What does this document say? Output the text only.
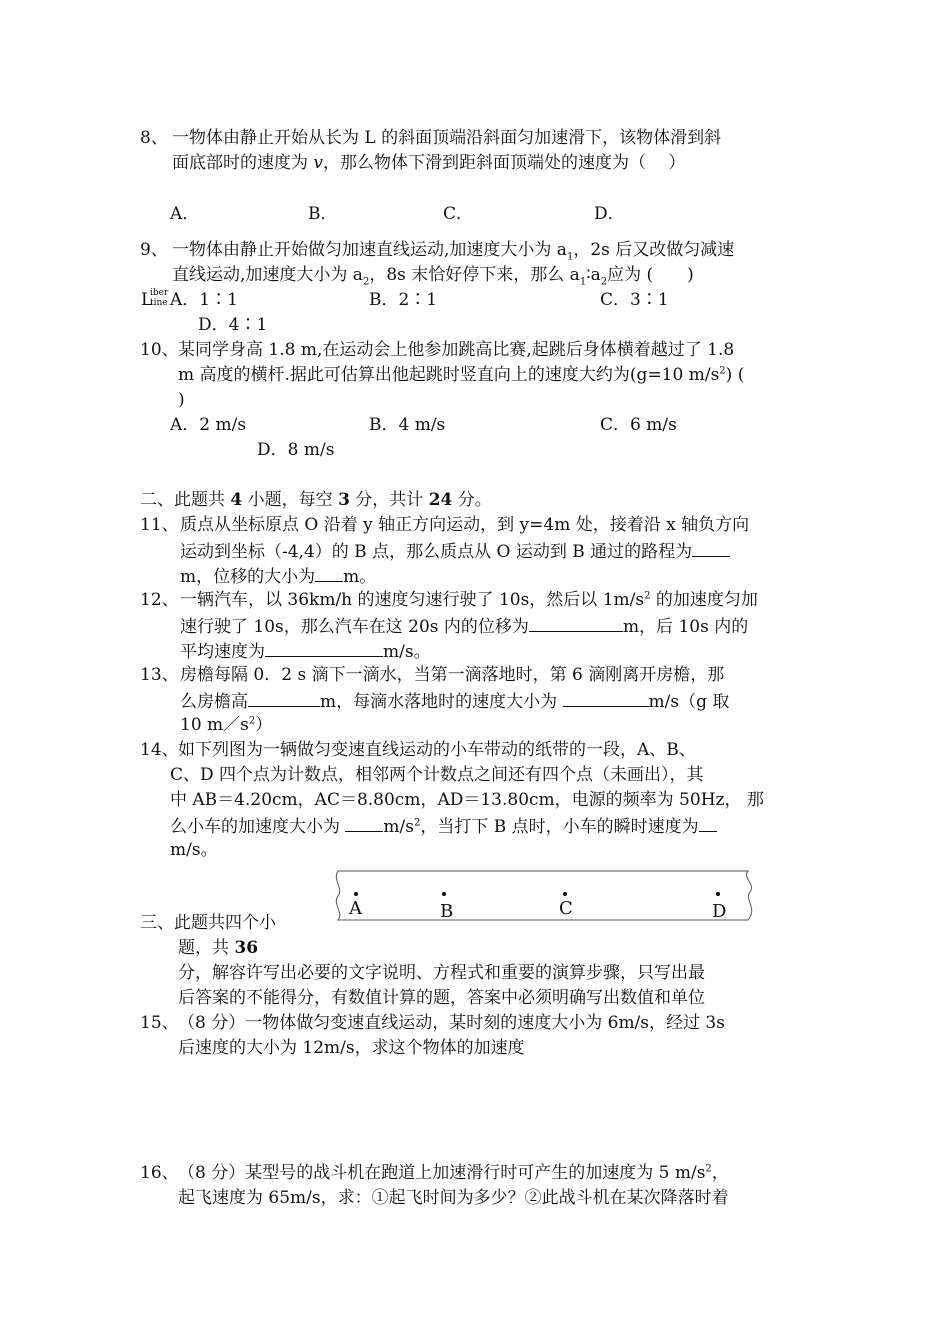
8、 一物体由静止开始从长为 L 的斜面顶端沿斜面匀加速滑下，该物体滑到斜
面底部时的速度为 v，那么物体下滑到距斜面顶端处的速度为（　 ）
A．	B．	C．	D．
9、 一物体由静止开始做匀加速直线运动,加速度大小为 $a_1$，2s 后又改做匀减速
直线运动,加速度大小为 $a_2$，8s 末恰好停下来，那么 $a_1∶a_2$应为 (　　)
L
iber
tine A．1∶1	B．2∶1	C．3∶1
D．4∶1
10、 某同学身高 1.8 m,在运动会上他参加跳高比赛,起跳后身体横着越过了 1.8
m 高度的横杆.据此可估算出他起跳时竖直向上的速度大约为(g=10 $m/s^2$) (
)
A．2 m/s	B．4 m/s	C．6 m/s
D．8 m/s
二、此题共 4 小题，每空 3 分，共计 24 分。
11、 质点从坐标原点 O 沿着 y 轴正方向运动，到 y=4m 处，接着沿 x 轴负方向
运动到坐标（-4,4）的 B 点，那么质点从 O 运动到 B 通过的路程为
m，位移的大小为 m。
12、 一辆汽车，以 36km/h 的速度匀速行驶了 10s，然后以 $1m/s^2$ 的加速度匀加
速行驶了 10s，那么汽车在这 20s 内的位移为	m，后 10s 内的
平均速度为	m/s。
13、 房檐每隔 0．2 s 滴下一滴水，当第一滴落地时，第 6 滴刚离开房檐，那
么房檐高	m，每滴水落地时的速度大小为	m/s（g 取
10 $m/s^2$）
14、 如下列图为一辆做匀变速直线运动的小车带动的纸带的一段，A、B、
C、D 四个点为计数点，相邻两个计数点之间还有四个点（未画出），其
中 AB＝4.20cm，AC＝8.80cm，AD＝13.80cm，电源的频率为 50Hz， 那
么小车的加速度大小为 $m/s^2$，当打下 B 点时，小车的瞬时速度为
m/s。
A	B	C	D
三、此题共四个小
题，共 36
分，解容许写出必要的文字说明、方程式和重要的演算步骤，只写出最
后答案的不能得分，有数值计算的题，答案中必须明确写出数值和单位
15、 （8 分）一物体做匀变速直线运动，某时刻的速度大小为 6m/s，经过 3s
后速度的大小为 12m/s，求这个物体的加速度
16、 （8 分）某型号的战斗机在跑道上加速滑行时可产生的加速度为 5 $m/s^2$，
起飞速度为 65m/s，求：①起飞时间为多少？②此战斗机在某次降落时着
